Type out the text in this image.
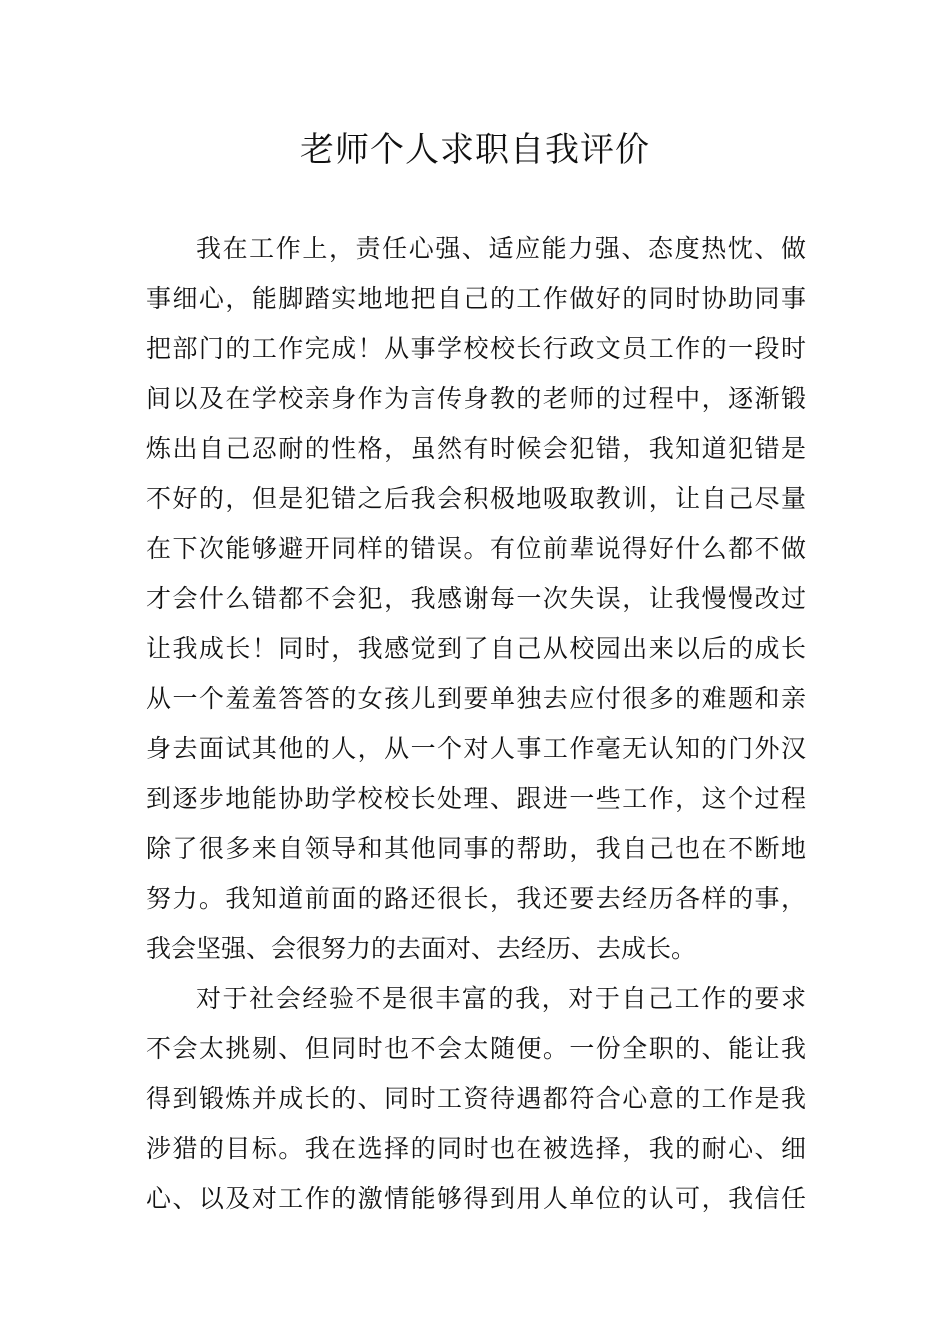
老师个人求职自我评价
我在工作上，责任心强、适应能力强、态度热忱、做
事细心，能脚踏实地地把自己的工作做好的同时协助同事
把部门的工作完成！从事学校校长行政文员工作的一段时
间以及在学校亲身作为言传身教的老师的过程中，逐渐锻
炼出自己忍耐的性格，虽然有时候会犯错，我知道犯错是
不好的，但是犯错之后我会积极地吸取教训，让自己尽量
在下次能够避开同样的错误。有位前辈说得好什么都不做
才会什么错都不会犯，我感谢每一次失误，让我慢慢改过
让我成长！同时，我感觉到了自己从校园出来以后的成长
从一个羞羞答答的女孩儿到要单独去应付很多的难题和亲
身去面试其他的人，从一个对人事工作毫无认知的门外汉
到逐步地能协助学校校长处理、跟进一些工作，这个过程
除了很多来自领导和其他同事的帮助，我自己也在不断地
努力。我知道前面的路还很长，我还要去经历各样的事，
我会坚强、会很努力的去面对、去经历、去成长。
对于社会经验不是很丰富的我，对于自己工作的要求
不会太挑剔、但同时也不会太随便。一份全职的、能让我
得到锻炼并成长的、同时工资待遇都符合心意的工作是我
涉猎的目标。我在选择的同时也在被选择，我的耐心、细
心、以及对工作的激情能够得到用人单位的认可，我信任
